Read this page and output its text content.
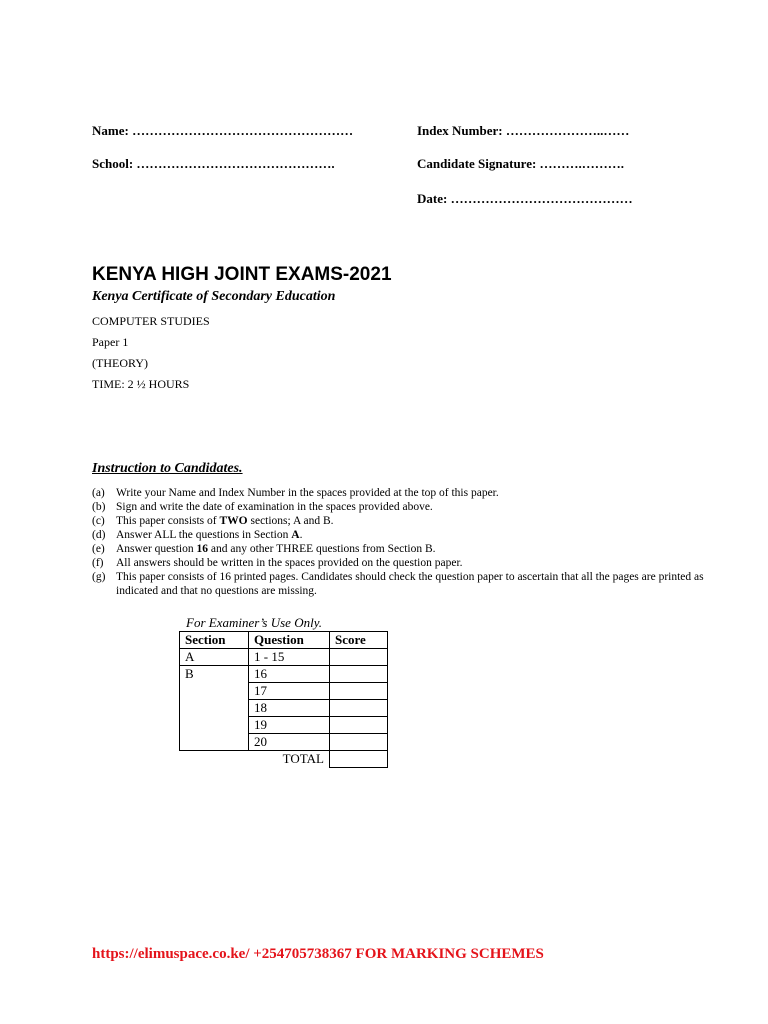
Name: ……………………………………………	Index Number: …………………..……
School: ……………………………………….	Candidate Signature: ……….……….
Date: ……………………………………
KENYA HIGH JOINT EXAMS-2021
Kenya Certificate of Secondary Education
COMPUTER STUDIES
Paper 1
(THEORY)
TIME: 2 ½ HOURS
Instruction to Candidates.
(a) Write your Name and Index Number in the spaces provided at the top of this paper.
(b) Sign and write the date of examination in the spaces provided above.
(c) This paper consists of TWO sections; A and B.
(d) Answer ALL the questions in Section A.
(e) Answer question 16 and any other THREE questions from Section B.
(f)	All answers should be written in the spaces provided on the question paper.
(g) This paper consists of 16 printed pages. Candidates should check the question paper to ascertain that all the pages are printed as indicated and that no questions are missing.
For Examiner’s Use Only.
Section	Question	Score
A	1 - 15	
B	16	
	17	
	18	
	19	
	20	
	TOTAL	
https://elimuspace.co.ke/ +254705738367 FOR MARKING SCHEMES
